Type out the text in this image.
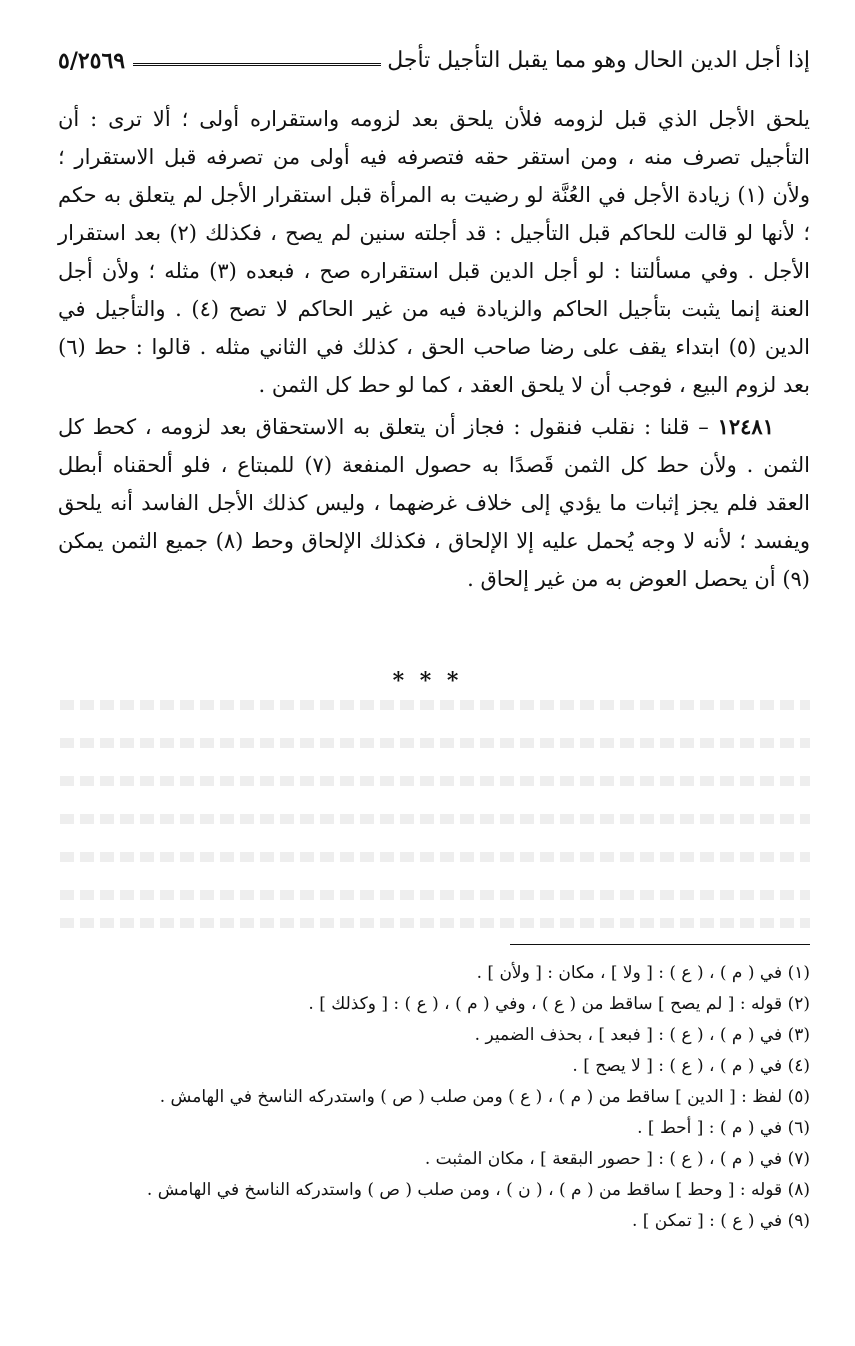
إذا أجل الدين الحال وهو مما يقبل التأجيل تأجل
٥/٢٥٦٩

يلحق الأجل الذي قبل لزومه فلأن يلحق بعد لزومه واستقراره أولى ؛ ألا ترى : أن التأجيل تصرف منه ، ومن استقر حقه فتصرفه فيه أولى من تصرفه قبل الاستقرار ؛ ولأن (١) زيادة الأجل في العُنَّة لو رضيت به المرأة قبل استقرار الأجل لم يتعلق به حكم ؛ لأنها لو قالت للحاكم قبل التأجيل : قد أجلته سنين لم يصح ، فكذلك (٢) بعد استقرار الأجل . وفي مسألتنا : لو أجل الدين قبل استقراره صح ، فبعده (٣) مثله ؛ ولأن أجل العنة إنما يثبت بتأجيل الحاكم والزيادة فيه من غير الحاكم لا تصح (٤) . والتأجيل في الدين (٥) ابتداء يقف على رضا صاحب الحق ، كذلك في الثاني مثله . قالوا : حط (٦) بعد لزوم البيع ، فوجب أن لا يلحق العقد ، كما لو حط كل الثمن .

١٢٤٨١ – قلنا : نقلب فنقول : فجاز أن يتعلق به الاستحقاق بعد لزومه ، كحط كل الثمن . ولأن حط كل الثمن قَصدًا به حصول المنفعة (٧) للمبتاع ، فلو ألحقناه أبطل العقد فلم يجز إثبات ما يؤدي إلى خلاف غرضهما ، وليس كذلك الأجل الفاسد أنه يلحق ويفسد ؛ لأنه لا وجه يُحمل عليه إلا الإلحاق ، فكذلك الإلحاق وحط (٨) جميع الثمن يمكن (٩) أن يحصل العوض به من غير إلحاق .

* * *

(١) في ( م ) ، ( ع ) : [ ولا ] ، مكان : [ ولأن ] .

(٢) قوله : [ لم يصح ] ساقط من ( ع ) ، وفي ( م ) ، ( ع ) : [ وكذلك ] .

(٣) في ( م ) ، ( ع ) : [ فبعد ] ، بحذف الضمير .

(٤) في ( م ) ، ( ع ) : [ لا يصح ] .

(٥) لفظ : [ الدين ] ساقط من ( م ) ، ( ع ) ومن صلب ( ص ) واستدركه الناسخ في الهامش .

(٦) في ( م ) : [ أحط ] .

(٧) في ( م ) ، ( ع ) : [ حصور البقعة ] ، مكان المثبت .

(٨) قوله : [ وحط ] ساقط من ( م ) ، ( ن ) ، ومن صلب ( ص ) واستدركه الناسخ في الهامش .

(٩) في ( ع ) : [ تمكن ] .
